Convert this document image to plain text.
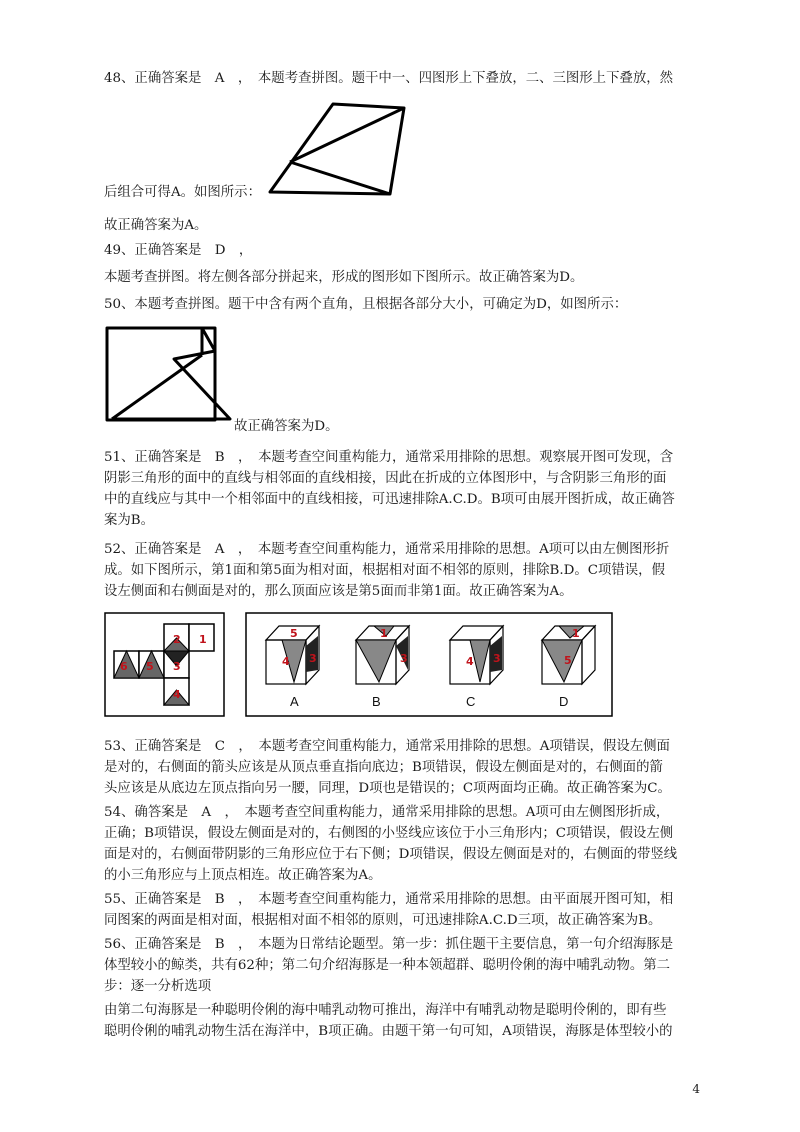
48、正确答案是　A　，　本题考查拼图。题干中一、四图形上下叠放，二、三图形上下叠放，然
后组合可得A。如图所示：
故正确答案为A。
49、正确答案是　D　，
本题考查拼图。将左侧各部分拼起来，形成的图形如下图所示。故正确答案为D。
50、本题考查拼图。题干中含有两个直角，且根据各部分大小，可确定为D，如图所示：
故正确答案为D。
51、正确答案是　B　，　本题考查空间重构能力，通常采用排除的思想。观察展开图可发现，含
阴影三角形的面中的直线与相邻面的直线相接，因此在折成的立体图形中，与含阴影三角形的面
中的直线应与其中一个相邻面中的直线相接，可迅速排除A.C.D。B项可由展开图折成，故正确答
案为B。
52、正确答案是　A　，　本题考查空间重构能力，通常采用排除的思想。A项可以由左侧图形折
成。如下图所示，第1面和第5面为相对面，根据相对面不相邻的原则，排除B.D。C项错误，假
设左侧面和右侧面是对的，那么顶面应该是第5面而非第1面。故正确答案为A。
1
2
3
4
5
6
5
4 3
A
1
3
B
4 3
C
1
5
D
53、正确答案是　C　，　本题考查空间重构能力，通常采用排除的思想。A项错误，假设左侧面
是对的，右侧面的箭头应该是从顶点垂直指向底边；B项错误，假设左侧面是对的，右侧面的箭
头应该是从底边左顶点指向另一腰，同理，D项也是错误的；C项两面均正确。故正确答案为C。
54、确答案是　A　，　本题考查空间重构能力，通常采用排除的思想。A项可由左侧图形折成，
正确；B项错误，假设左侧面是对的，右侧图的小竖线应该位于小三角形内；C项错误，假设左侧
面是对的，右侧面带阴影的三角形应位于右下侧；D项错误，假设左侧面是对的，右侧面的带竖线
的小三角形应与上顶点相连。故正确答案为A。
55、正确答案是　B　，　本题考查空间重构能力，通常采用排除的思想。由平面展开图可知，相
同图案的两面是相对面，根据相对面不相邻的原则，可迅速排除A.C.D三项，故正确答案为B。
56、正确答案是　B　，　本题为日常结论题型。第一步：抓住题干主要信息，第一句介绍海豚是
体型较小的鲸类，共有62种；第二句介绍海豚是一种本领超群、聪明伶俐的海中哺乳动物。第二
步：逐一分析选项
由第二句海豚是一种聪明伶俐的海中哺乳动物可推出，海洋中有哺乳动物是聪明伶俐的，即有些
聪明伶俐的哺乳动物生活在海洋中，B项正确。由题干第一句可知，A项错误，海豚是体型较小的
4
